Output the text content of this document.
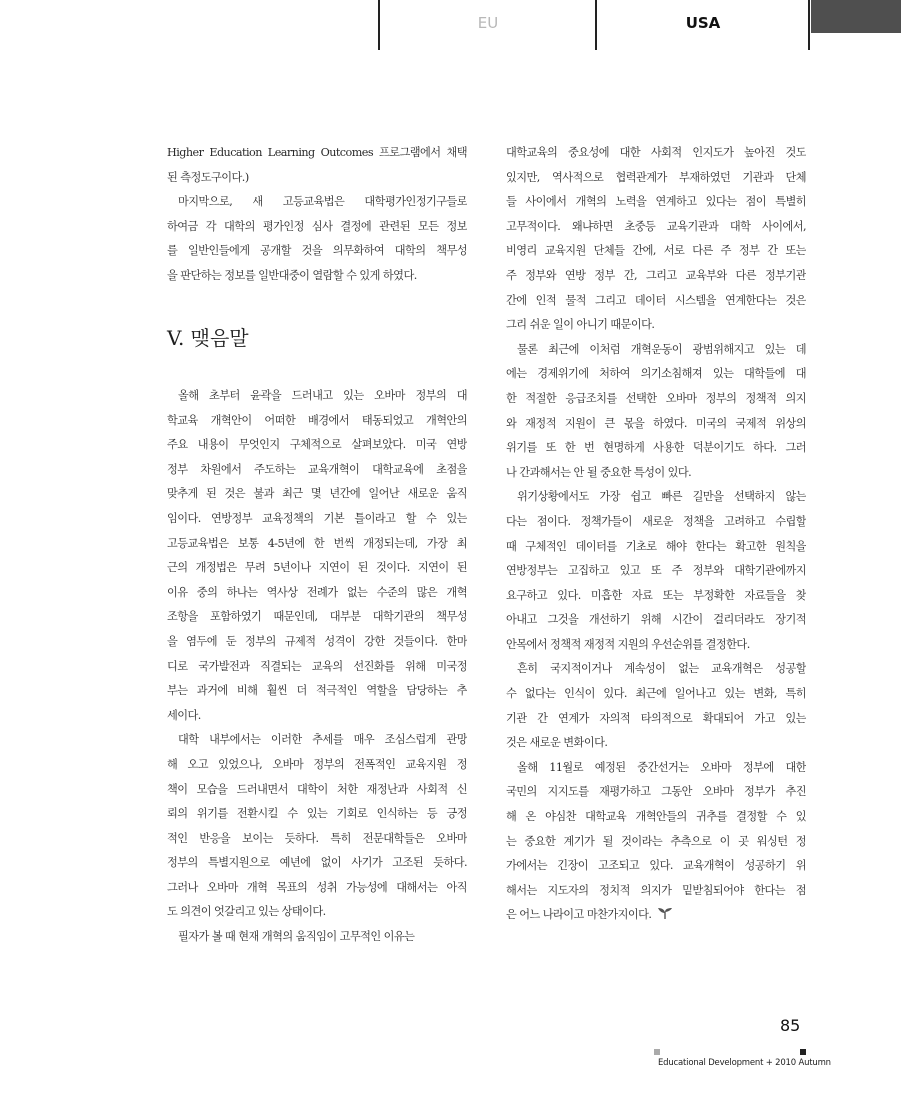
EU	USA
Higher Education Learning Outcomes 프로그램에서 채택
된 측정도구이다.)
마지막으로, 새 고등교육법은 대학평가인정기구들로
하여금 각 대학의 평가인정 심사 결정에 관련된 모든 정보
를 일반인들에게 공개할 것을 의무화하여 대학의 책무성
을 판단하는 정보를 일반대중이 열람할 수 있게 하였다.
V. 맺음말
올해 초부터 윤곽을 드러내고 있는 오바마 정부의 대
학교육 개혁안이 어떠한 배경에서 태동되었고 개혁안의
주요 내용이 무엇인지 구체적으로 살펴보았다. 미국 연방
정부 차원에서 주도하는 교육개혁이 대학교육에 초점을
맞추게 된 것은 불과 최근 몇 년간에 일어난 새로운 움직
임이다. 연방정부 교육정책의 기본 틀이라고 할 수 있는
고등교육법은 보통 4-5년에 한 번씩 개정되는데, 가장 최
근의 개정법은 무려 5년이나 지연이 된 것이다. 지연이 된
이유 중의 하나는 역사상 전례가 없는 수준의 많은 개혁
조항을 포함하였기 때문인데, 대부분 대학기관의 책무성
을 염두에 둔 정부의 규제적 성격이 강한 것들이다. 한마
디로 국가발전과 직결되는 교육의 선진화를 위해 미국정
부는 과거에 비해 훨씬 더 적극적인 역할을 담당하는 추
세이다.
대학 내부에서는 이러한 추세를 매우 조심스럽게 관망
해 오고 있었으나, 오바마 정부의 전폭적인 교육지원 정
책이 모습을 드러내면서 대학이 처한 재정난과 사회적 신
뢰의 위기를 전환시킬 수 있는 기회로 인식하는 등 긍정
적인 반응을 보이는 듯하다. 특히 전문대학들은 오바마
정부의 특별지원으로 예년에 없이 사기가 고조된 듯하다.
그러나 오바마 개혁 목표의 성취 가능성에 대해서는 아직
도 의견이 엇갈리고 있는 상태이다.
필자가 볼 때 현재 개혁의 움직임이 고무적인 이유는
대학교육의 중요성에 대한 사회적 인지도가 높아진 것도
있지만, 역사적으로 협력관계가 부재하였던 기관과 단체
들 사이에서 개혁의 노력을 연계하고 있다는 점이 특별히
고무적이다. 왜냐하면 초중등 교육기관과 대학 사이에서,
비영리 교육지원 단체들 간에, 서로 다른 주 정부 간 또는
주 정부와 연방 정부 간, 그리고 교육부와 다른 정부기관
간에 인적 물적 그리고 데이터 시스템을 연계한다는 것은
그리 쉬운 일이 아니기 때문이다.
물론 최근에 이처럼 개혁운동이 광범위해지고 있는 데
에는 경제위기에 처하여 의기소침해져 있는 대학들에 대
한 적절한 응급조치를 선택한 오바마 정부의 정책적 의지
와 재정적 지원이 큰 몫을 하였다. 미국의 국제적 위상의
위기를 또 한 번 현명하게 사용한 덕분이기도 하다. 그러
나 간과해서는 안 될 중요한 특성이 있다.
위기상황에서도 가장 쉽고 빠른 길만을 선택하지 않는
다는 점이다. 정책가들이 새로운 정책을 고려하고 수립할
때 구체적인 데이터를 기초로 해야 한다는 확고한 원칙을
연방정부는 고집하고 있고 또 주 정부와 대학기관에까지
요구하고 있다. 미흡한 자료 또는 부정확한 자료들을 찾
아내고 그것을 개선하기 위해 시간이 걸리더라도 장기적
안목에서 정책적 재정적 지원의 우선순위를 결정한다.
흔히 국지적이거나 계속성이 없는 교육개혁은 성공할
수 없다는 인식이 있다. 최근에 일어나고 있는 변화, 특히
기관 간 연계가 자의적 타의적으로 확대되어 가고 있는
것은 새로운 변화이다.
올해 11월로 예정된 중간선거는 오바마 정부에 대한
국민의 지지도를 재평가하고 그동안 오바마 정부가 추진
해 온 야심찬 대학교육 개혁안들의 귀추를 결정할 수 있
는 중요한 계기가 될 것이라는 추측으로 이 곳 워싱턴 정
가에서는 긴장이 고조되고 있다. 교육개혁이 성공하기 위
해서는 지도자의 정치적 의지가 밑받침되어야 한다는 점
은 어느 나라이고 마찬가지이다.
85
Educational Development + 2010 Autumn
